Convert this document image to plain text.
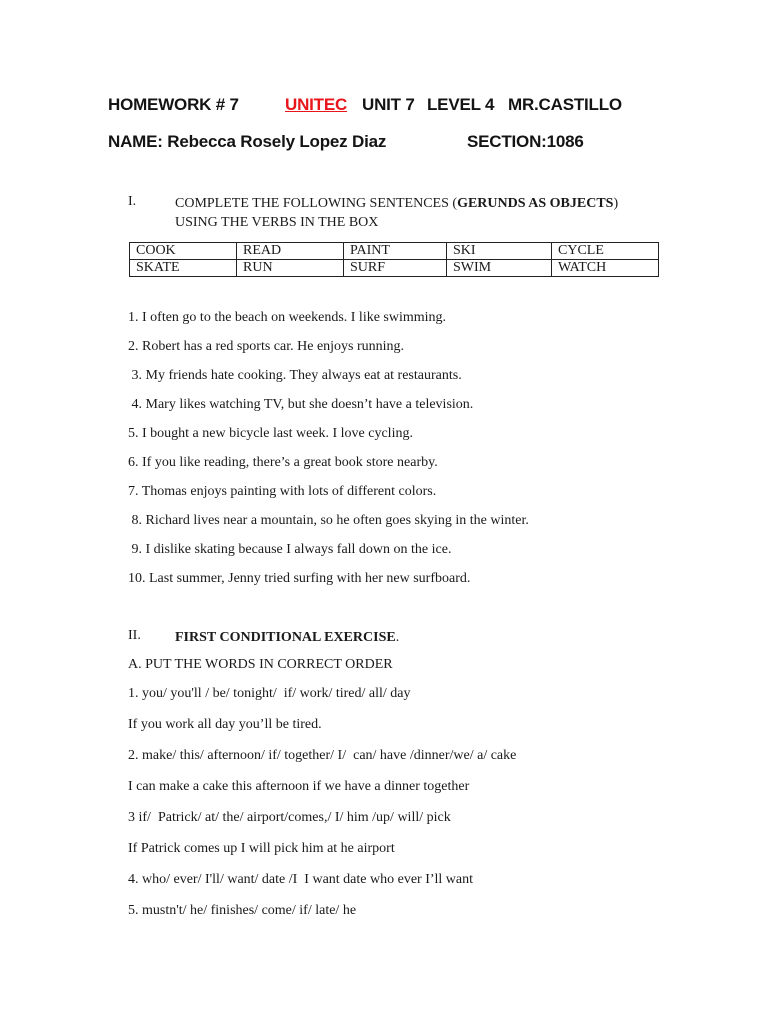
HOMEWORK # 7

	UNITEC

UNIT 7

LEVEL 4

MR.CASTILLO

NAME: Rebecca Rosely Lopez Diaz

	SECTION:1086

I.	COMPLETE THE FOLLOWING SENTENCES (GERUNDS AS OBJECTS)
USING THE VERBS IN THE BOX
COOK	READ	PAINT	SKI	CYCLE
SKATE	RUN	SURF	SWIM	WATCH
1. I often go to the beach on weekends. I like swimming.
2. Robert has a red sports car. He enjoys running.
3. My friends hate cooking. They always eat at restaurants.
4. Mary likes watching TV, but she doesn’t have a television.
5. I bought a new bicycle last week. I love cycling.
6. If you like reading, there’s a great book store nearby.
7. Thomas enjoys painting with lots of different colors.
8. Richard lives near a mountain, so he often goes skying in the winter.
9. I dislike skating because I always fall down on the ice.
10. Last summer, Jenny tried surfing with her new surfboard.
II. FIRST CONDITIONAL EXERCISE.
A. PUT THE WORDS IN CORRECT ORDER
1. you/ you'll / be/ tonight/  if/ work/ tired/ all/ day
If you work all day you’ll be tired.
2. make/ this/ afternoon/ if/ together/ I/  can/ have /dinner/we/ a/ cake
I can make a cake this afternoon if we have a dinner together
3 if/  Patrick/ at/ the/ airport/comes,/ I/ him /up/ will/ pick
If Patrick comes up I will pick him at he airport
4. who/ ever/ I'll/ want/ date /I  I want date who ever I’ll want
5. mustn't/ he/ finishes/ come/ if/ late/ he
